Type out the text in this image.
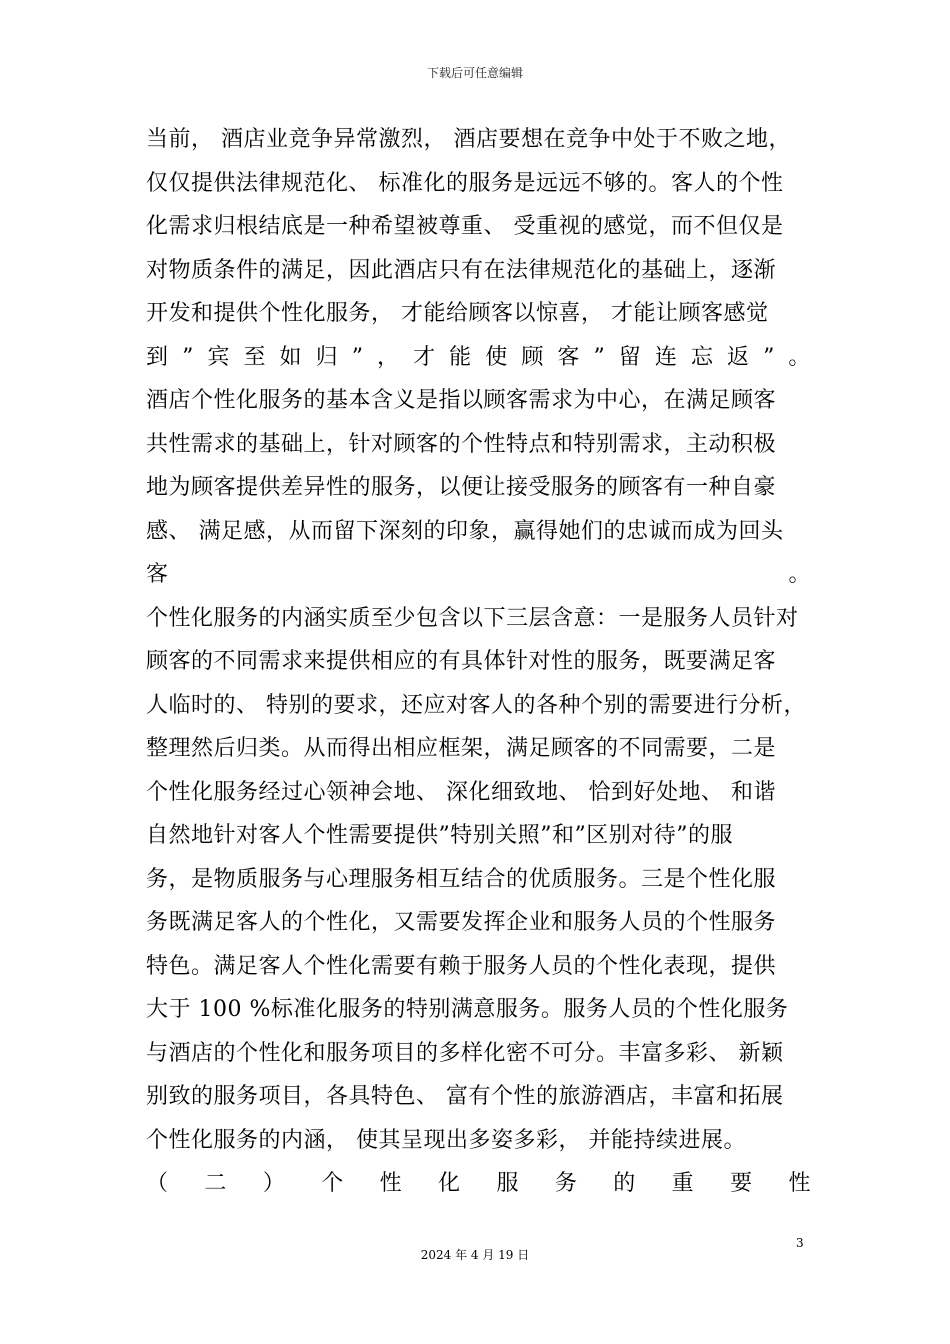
下载后可任意编辑
当前， 酒店业竞争异常激烈， 酒店要想在竞争中处于不败之地，
仅仅提供法律规范化、 标准化的服务是远远不够的。客人的个性
化需求归根结底是一种希望被尊重、 受重视的感觉，而不但仅是
对物质条件的满足，因此酒店只有在法律规范化的基础上，逐渐
开发和提供个性化服务， 才能给顾客以惊喜， 才能让顾客感觉
到 ” 宾 至 如 归 ” ， 才 能 使 顾 客 ” 留 连 忘 返 ” 。
酒店个性化服务的基本含义是指以顾客需求为中心，在满足顾客
共性需求的基础上，针对顾客的个性特点和特别需求，主动积极
地为顾客提供差异性的服务，以便让接受服务的顾客有一种自豪
感、 满足感，从而留下深刻的印象，赢得她们的忠诚而成为回头
客	。
个性化服务的内涵实质至少包含以下三层含意：一是服务人员针对
顾客的不同需求来提供相应的有具体针对性的服务，既要满足客
人临时的、 特别的要求，还应对客人的各种个别的需要进行分析，
整理然后归类。从而得出相应框架，满足顾客的不同需要，二是
个性化服务经过心领神会地、 深化细致地、 恰到好处地、 和谐
自然地针对客人个性需要提供”特别关照”和”区别对待”的服
务，是物质服务与心理服务相互结合的优质服务。三是个性化服
务既满足客人的个性化，又需要发挥企业和服务人员的个性服务
特色。满足客人个性化需要有赖于服务人员的个性化表现，提供
大于 100 %标准化服务的特别满意服务。服务人员的个性化服务
与酒店的个性化和服务项目的多样化密不可分。丰富多彩、 新颖
别致的服务项目，各具特色、 富有个性的旅游酒店，丰富和拓展
个性化服务的内涵， 使其呈现出多姿多彩， 并能持续进展。
（ 二 ） 个 性 化 服 务 的 重 要 性
3
2024 年 4 月 19 日
